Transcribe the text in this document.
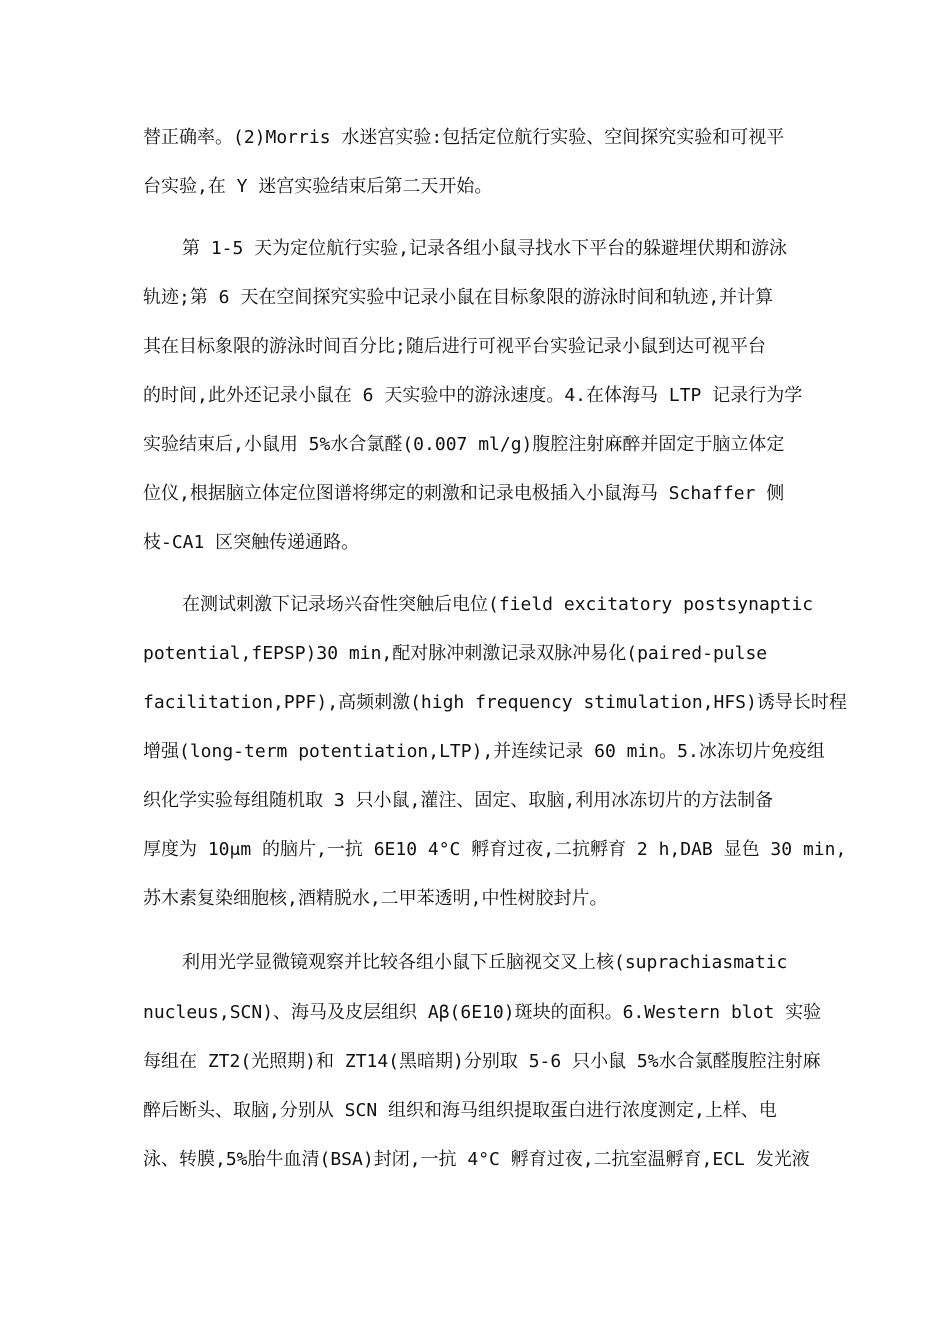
替正确率。(2)Morris 水迷宫实验:包括定位航行实验、空间探究实验和可视平
台实验,在 Y 迷宫实验结束后第二天开始。
第 1-5 天为定位航行实验,记录各组小鼠寻找水下平台的躲避埋伏期和游泳
轨迹;第 6 天在空间探究实验中记录小鼠在目标象限的游泳时间和轨迹,并计算
其在目标象限的游泳时间百分比;随后进行可视平台实验记录小鼠到达可视平台
的时间,此外还记录小鼠在 6 天实验中的游泳速度。4.在体海马 LTP 记录行为学
实验结束后,小鼠用 5%水合氯醛(0.007 ml/g)腹腔注射麻醉并固定于脑立体定
位仪,根据脑立体定位图谱将绑定的刺激和记录电极插入小鼠海马 Schaffer 侧
枝-CA1 区突触传递通路。
在测试刺激下记录场兴奋性突触后电位(field excitatory postsynaptic
potential,fEPSP)30 min,配对脉冲刺激记录双脉冲易化(paired-pulse
facilitation,PPF),高频刺激(high frequency stimulation,HFS)诱导长时程
增强(long-term potentiation,LTP),并连续记录 60 min。5.冰冻切片免疫组
织化学实验每组随机取 3 只小鼠,灌注、固定、取脑,利用冰冻切片的方法制备
厚度为 10μm 的脑片,一抗 6E10 4°C 孵育过夜,二抗孵育 2 h,DAB 显色 30 min,
苏木素复染细胞核,酒精脱水,二甲苯透明,中性树胶封片。
利用光学显微镜观察并比较各组小鼠下丘脑视交叉上核(suprachiasmatic
nucleus,SCN)、海马及皮层组织 Aβ(6E10)斑块的面积。6.Western blot 实验
每组在 ZT2(光照期)和 ZT14(黑暗期)分别取 5-6 只小鼠 5%水合氯醛腹腔注射麻
醉后断头、取脑,分别从 SCN 组织和海马组织提取蛋白进行浓度测定,上样、电
泳、转膜,5%胎牛血清(BSA)封闭,一抗 4°C 孵育过夜,二抗室温孵育,ECL 发光液
